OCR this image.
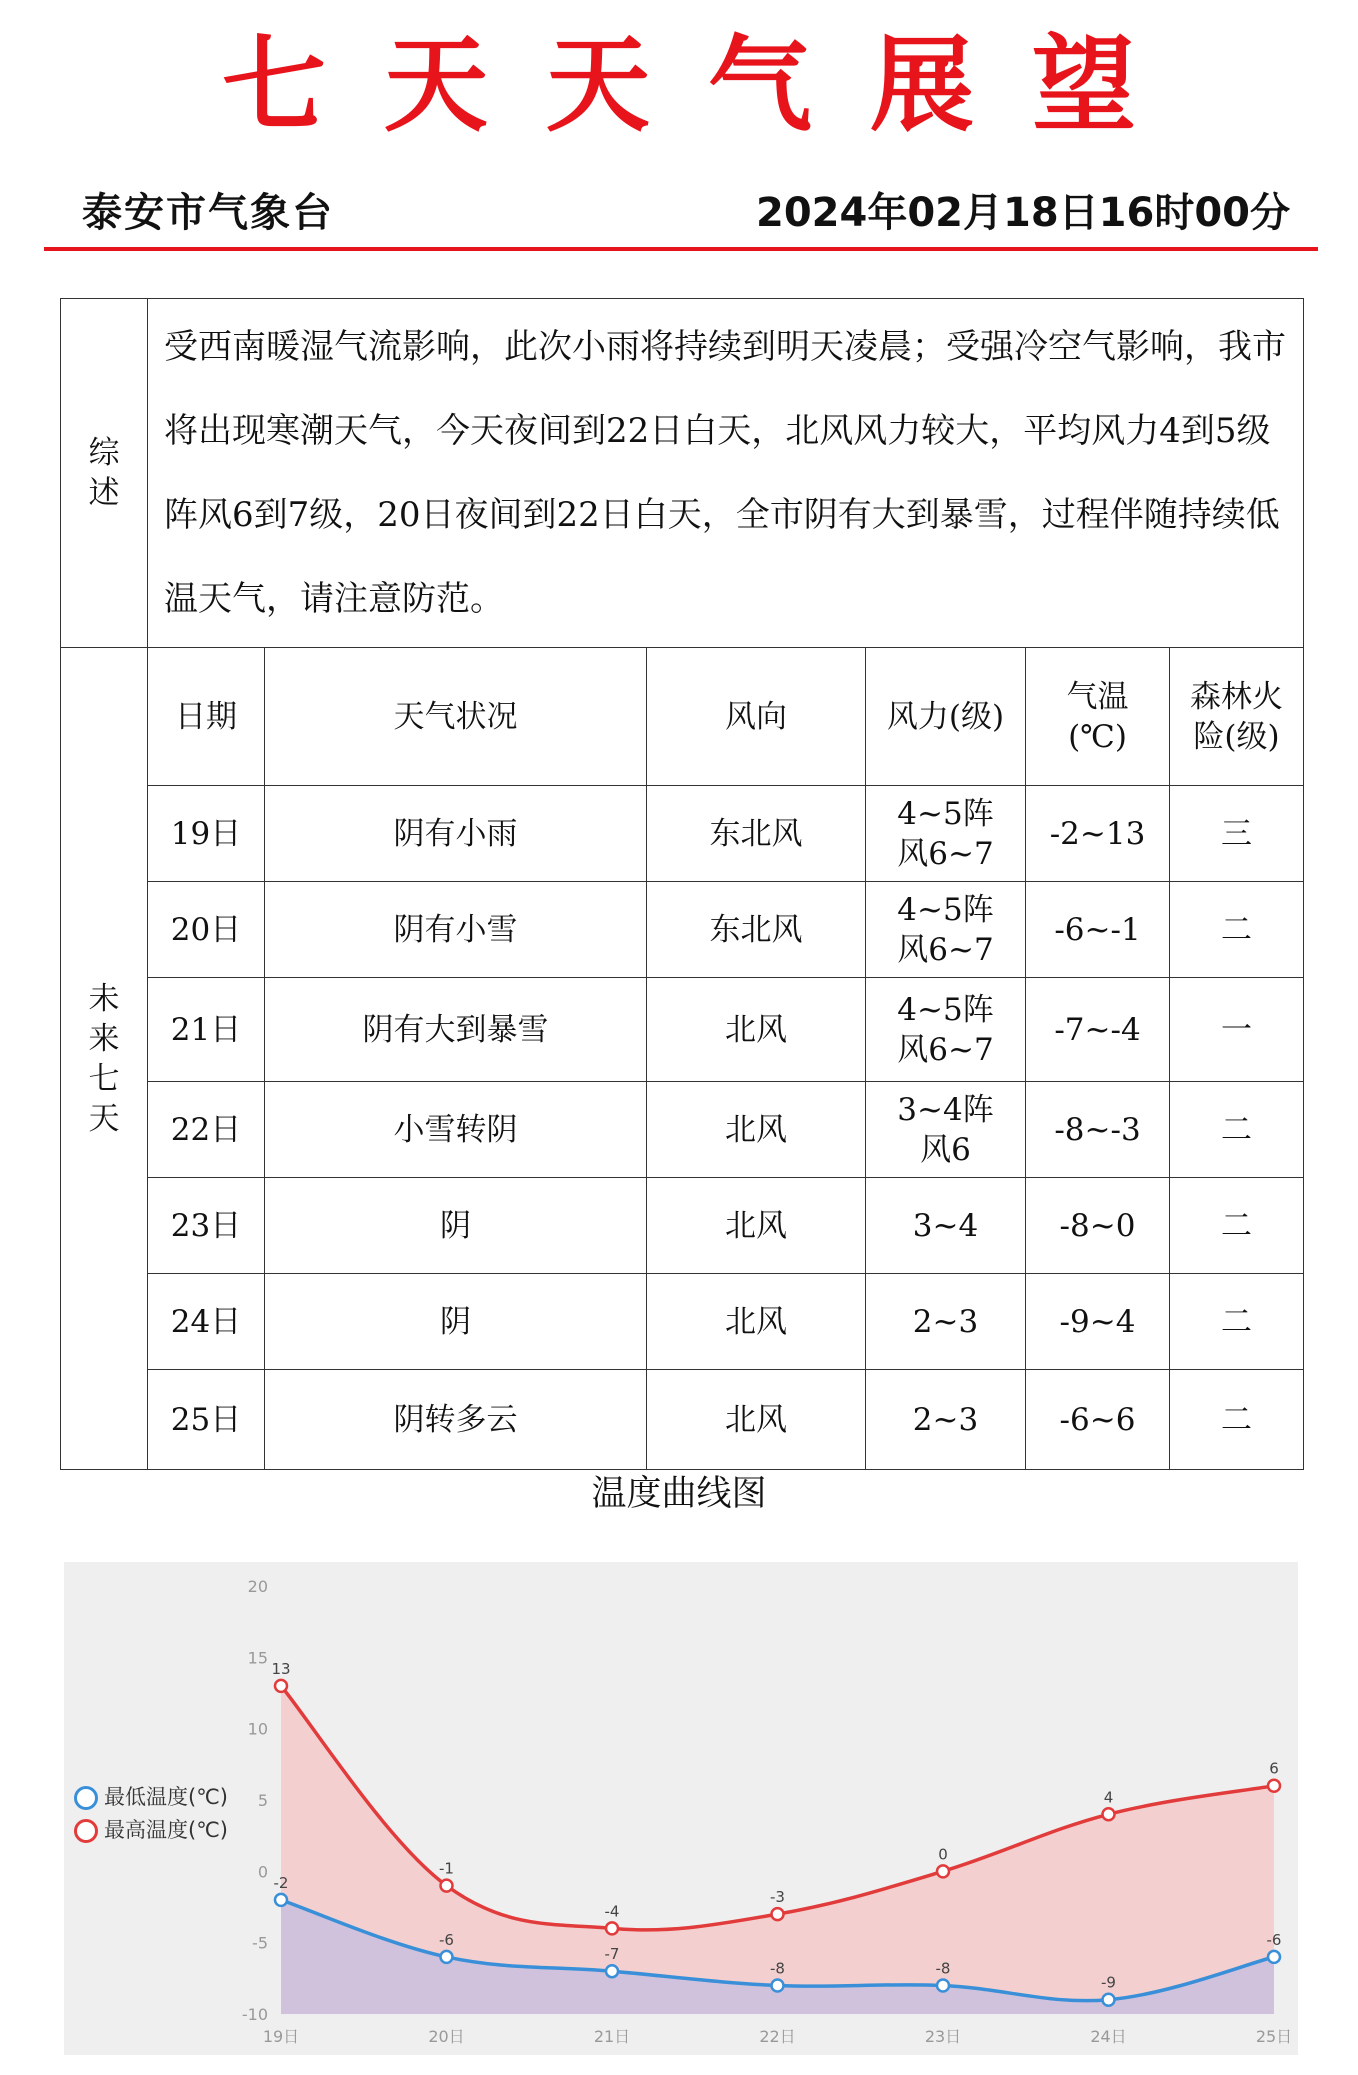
七天天气展望
泰安市气象台	2024年02月18日16时00分
综述	受西南暖湿气流影响，此次小雨将持续到明天凌晨；受强冷空气影响，我市将出现寒潮天气，今天夜间到22日白天，北风风力较大，平均风力4到5级阵风6到7级，20日夜间到22日白天，全市阴有大到暴雪，过程伴随持续低温天气，请注意防范。					
未来七天	日期	天气状况	风向	风力(级)	气温(℃)	森林火险(级)
	19日	阴有小雨	东北风	4~5阵风6~7	-2~13	三
	20日	阴有小雪	东北风	4~5阵风6~7	-6~-1	二
	21日	阴有大到暴雪	北风	4~5阵风6~7	-7~-4	一
	22日	小雪转阴	北风	3~4阵风6	-8~-3	二
	23日	阴	北风	3~4	-8~0	二
	24日	阴	北风	2~3	-9~4	二
	25日	阴转多云	北风	2~3	-6~6	二
温度曲线图
-10
-5
0
5
10
15
20
19日	20日	21日	22日	23日	24日	25日
-2
-6
-7
-8	-8
-9
-6
13
-1
-4
-3
0
4
6
最低温度(℃)
最高温度(℃)
